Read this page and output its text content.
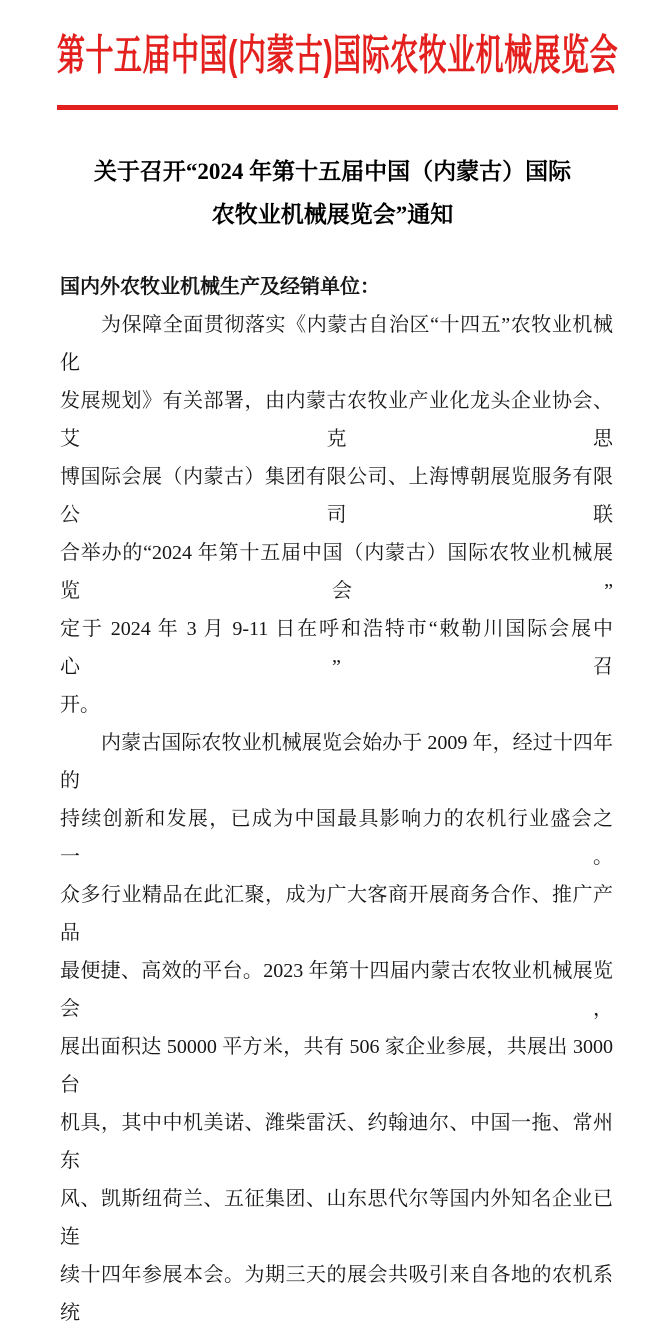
第十五届中国(内蒙古)国际农牧业机械展览会
关于召开“2024 年第十五届中国（内蒙古）国际
农牧业机械展览会”通知
国内外农牧业机械生产及经销单位：
为保障全面贯彻落实《内蒙古自治区“十四五”农牧业机械化
发展规划》有关部署，由内蒙古农牧业产业化龙头企业协会、艾克思
博国际会展（内蒙古）集团有限公司、上海博朝展览服务有限公司联
合举办的“2024 年第十五届中国（内蒙古）国际农牧业机械展览会”
定于 2024 年 3 月 9-11 日在呼和浩特市“敕勒川国际会展中心”召
开。
内蒙古国际农牧业机械展览会始办于 2009 年，经过十四年的
持续创新和发展，已成为中国最具影响力的农机行业盛会之一。
众多行业精品在此汇聚，成为广大客商开展商务合作、推广产品
最便捷、高效的平台。2023 年第十四届内蒙古农牧业机械展览会，
展出面积达 50000 平方米，共有 506 家企业参展，共展出 3000 台
机具，其中中机美诺、潍柴雷沃、约翰迪尔、中国一拖、常州东
风、凯斯纽荷兰、五征集团、山东思代尔等国内外知名企业已连
续十四年参展本会。为期三天的展会共吸引来自各地的农机系统
